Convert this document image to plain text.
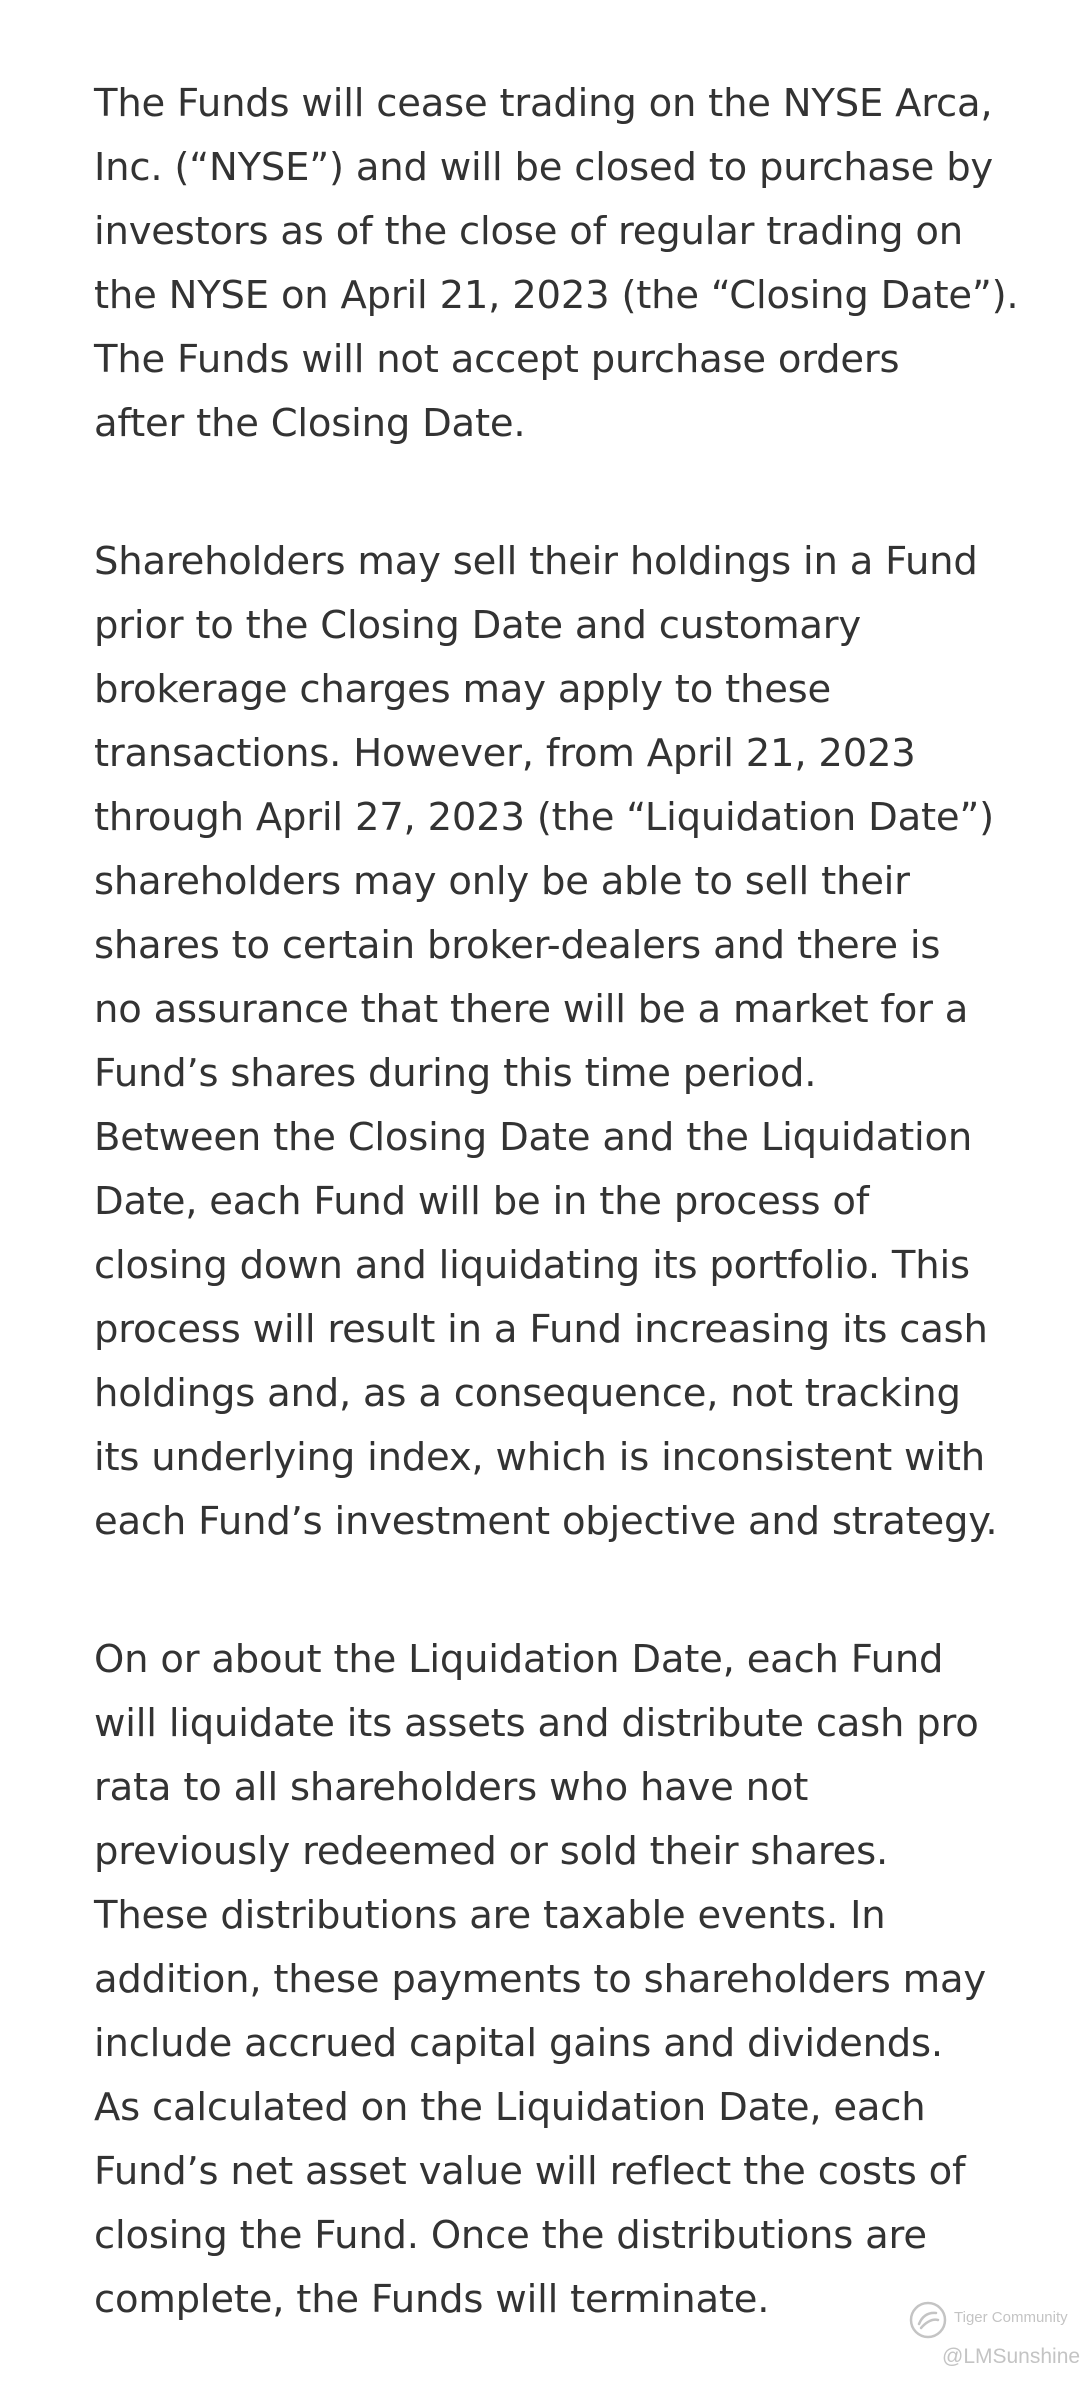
The Funds will cease trading on the NYSE Arca,
Inc. (“NYSE”) and will be closed to purchase by
investors as of the close of regular trading on
the NYSE on April 21, 2023 (the “Closing Date”).
The Funds will not accept purchase orders
after the Closing Date.

Shareholders may sell their holdings in a Fund
prior to the Closing Date and customary
brokerage charges may apply to these
transactions. However, from April 21, 2023
through April 27, 2023 (the “Liquidation Date”)
shareholders may only be able to sell their
shares to certain broker-dealers and there is
no assurance that there will be a market for a
Fund’s shares during this time period.
Between the Closing Date and the Liquidation
Date, each Fund will be in the process of
closing down and liquidating its portfolio. This
process will result in a Fund increasing its cash
holdings and, as a consequence, not tracking
its underlying index, which is inconsistent with
each Fund’s investment objective and strategy.

On or about the Liquidation Date, each Fund
will liquidate its assets and distribute cash pro
rata to all shareholders who have not
previously redeemed or sold their shares.
These distributions are taxable events. In
addition, these payments to shareholders may
include accrued capital gains and dividends.
As calculated on the Liquidation Date, each
Fund’s net asset value will reflect the costs of
closing the Fund. Once the distributions are
complete, the Funds will terminate.	Tiger Community
@LMSunshine
